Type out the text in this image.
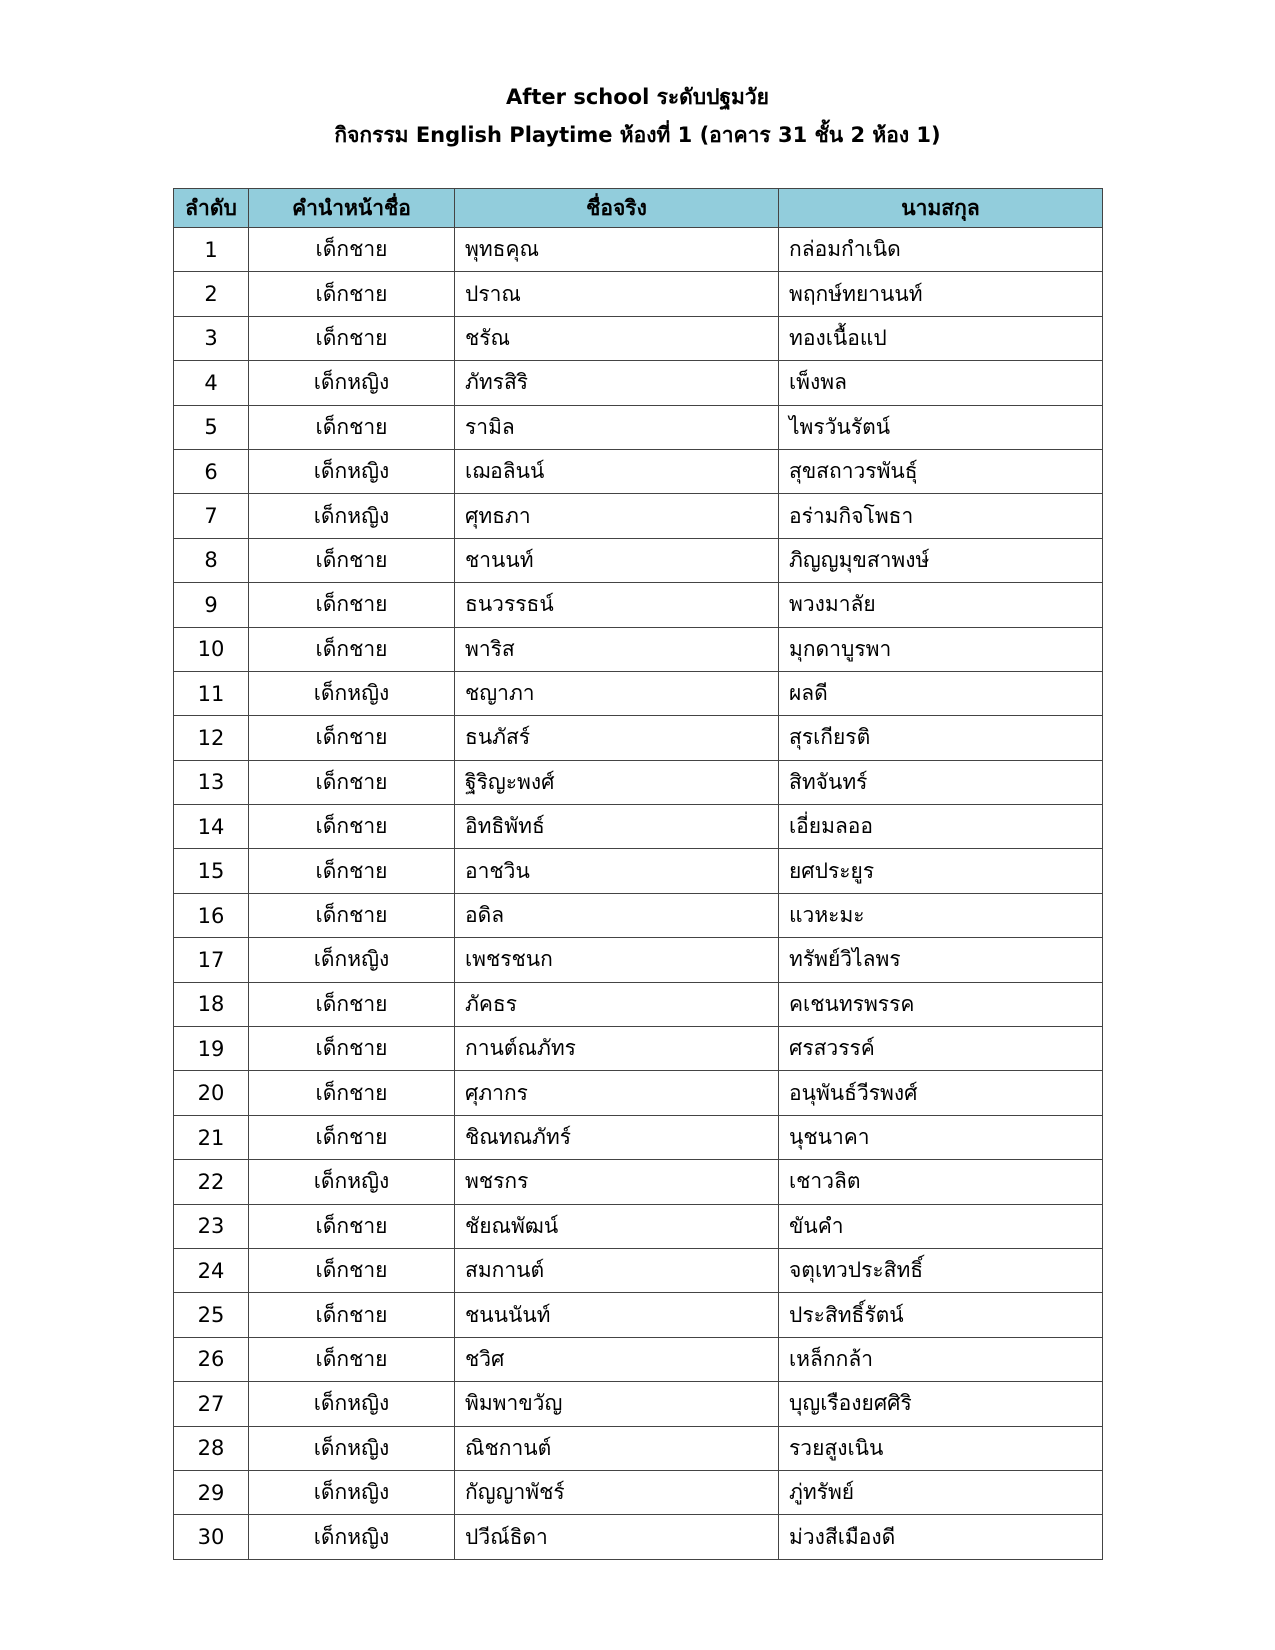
After school ระดับปฐมวัย
กิจกรรม English Playtime ห้องที่ 1 (อาคาร 31 ชั้น 2 ห้อง 1)
ลำดับ	คำนำหน้าชื่อ	ชื่อจริง	นามสกุล
1	เด็กชาย	พุทธคุณ	กล่อมกำเนิด
2	เด็กชาย	ปราณ	พฤกษ์ทยานนท์
3	เด็กชาย	ชรัณ	ทองเนื้อแป
4	เด็กหญิง	ภัทรสิริ	เพ็งพล
5	เด็กชาย	รามิล	ไพรวันรัตน์
6	เด็กหญิง	เฌอลินน์	สุขสถาวรพันธุ์
7	เด็กหญิง	ศุทธภา	อร่ามกิจโพธา
8	เด็กชาย	ชานนท์	ภิญญมุขสาพงษ์
9	เด็กชาย	ธนวรรธน์	พวงมาลัย
10	เด็กชาย	พาริส	มุกดาบูรพา
11	เด็กหญิง	ชญาภา	ผลดี
12	เด็กชาย	ธนภัสร์	สุรเกียรติ
13	เด็กชาย	ฐิริญะพงศ์	สิทจันทร์
14	เด็กชาย	อิทธิพัทธ์	เอี่ยมลออ
15	เด็กชาย	อาชวิน	ยศประยูร
16	เด็กชาย	อดิล	แวหะมะ
17	เด็กหญิง	เพชรชนก	ทรัพย์วิไลพร
18	เด็กชาย	ภัคธร	คเชนทรพรรค
19	เด็กชาย	กานต์ณภัทร	ศรสวรรค์
20	เด็กชาย	ศุภากร	อนุพันธ์วีรพงศ์
21	เด็กชาย	ชิณทณภัทร์	นุชนาคา
22	เด็กหญิง	พชรกร	เชาวลิต
23	เด็กชาย	ชัยณพัฒน์	ขันคำ
24	เด็กชาย	สมกานต์	จตุเทวประสิทธิ์
25	เด็กชาย	ชนนนันท์	ประสิทธิ์รัตน์
26	เด็กชาย	ชวิศ	เหล็กกล้า
27	เด็กหญิง	พิมพาขวัญ	บุญเรืองยศศิริ
28	เด็กหญิง	ณิชกานต์	รวยสูงเนิน
29	เด็กหญิง	กัญญาพัชร์	ภู่ทรัพย์
30	เด็กหญิง	ปวีณ์ธิดา	ม่วงสีเมืองดี
